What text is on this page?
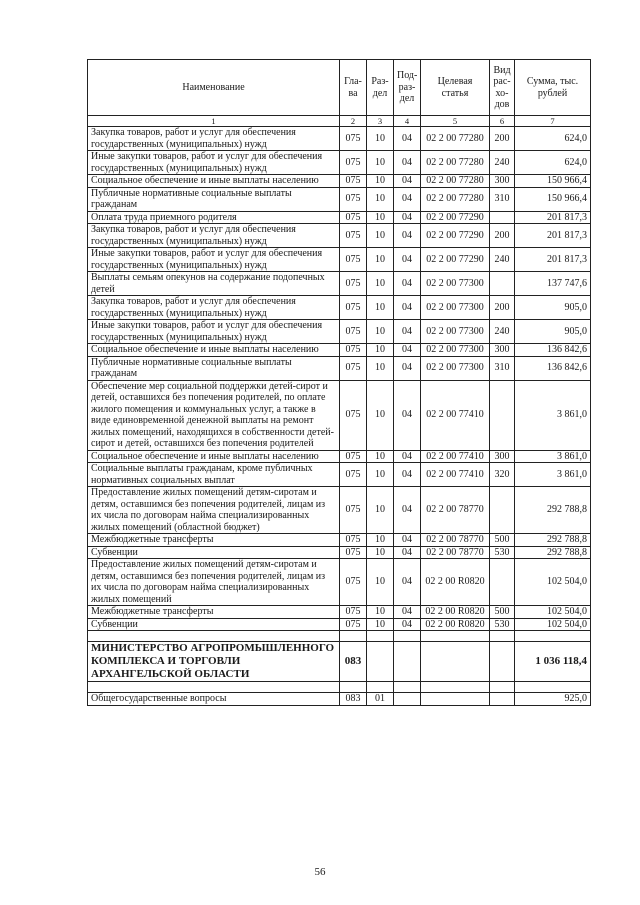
Наименование	Гла-ва	Раз-дел	Под-раз-дел	Целевая статья	Вид рас-хо-дов	Сумма, тыс. рублей
1	2	3	4	5	6	7
Закупка товаров, работ и услуг для обеспечения государственных (муниципальных) нужд	075	10	04	02 2 00 77280	200	624,0
Иные закупки товаров, работ и услуг для обеспечения государственных (муниципальных) нужд	075	10	04	02 2 00 77280	240	624,0
Социальное обеспечение и иные выплаты населению	075	10	04	02 2 00 77280	300	150 966,4
Публичные нормативные социальные выплаты гражданам	075	10	04	02 2 00 77280	310	150 966,4
Оплата труда приемного родителя	075	10	04	02 2 00 77290		201 817,3
Закупка товаров, работ и услуг для обеспечения государственных (муниципальных) нужд	075	10	04	02 2 00 77290	200	201 817,3
Иные закупки товаров, работ и услуг для обеспечения государственных (муниципальных) нужд	075	10	04	02 2 00 77290	240	201 817,3
Выплаты семьям опекунов на содержание подопечных детей	075	10	04	02 2 00 77300		137 747,6
Закупка товаров, работ и услуг для обеспечения государственных (муниципальных) нужд	075	10	04	02 2 00 77300	200	905,0
Иные закупки товаров, работ и услуг для обеспечения государственных (муниципальных) нужд	075	10	04	02 2 00 77300	240	905,0
Социальное обеспечение и иные выплаты населению	075	10	04	02 2 00 77300	300	136 842,6
Публичные нормативные социальные выплаты гражданам	075	10	04	02 2 00 77300	310	136 842,6
Обеспечение мер социальной поддержки детей-сирот и детей, оставшихся без попечения родителей, по оплате жилого помещения и коммунальных услуг, а также в виде единовременной денежной выплаты на ремонт жилых помещений, находящихся в собственности детей-сирот и детей, оставшихся без попечения родителей	075	10	04	02 2 00 77410		3 861,0
Социальное обеспечение и иные выплаты населению	075	10	04	02 2 00 77410	300	3 861,0
Социальные выплаты гражданам, кроме публичных нормативных социальных выплат	075	10	04	02 2 00 77410	320	3 861,0
Предоставление жилых помещений детям-сиротам и детям, оставшимся без попечения родителей, лицам из их числа по договорам найма специализированных жилых помещений (областной бюджет)	075	10	04	02 2 00 78770		292 788,8
Межбюджетные трансферты	075	10	04	02 2 00 78770	500	292 788,8
Субвенции	075	10	04	02 2 00 78770	530	292 788,8
Предоставление жилых помещений детям-сиротам и детям, оставшимся без попечения родителей, лицам из их числа по договорам найма специализированных жилых помещений	075	10	04	02 2 00 R0820		102 504,0
Межбюджетные трансферты	075	10	04	02 2 00 R0820	500	102 504,0
Субвенции	075	10	04	02 2 00 R0820	530	102 504,0

МИНИСТЕРСТВО АГРОПРОМЫШЛЕННОГО КОМПЛЕКСА И ТОРГОВЛИ АРХАНГЕЛЬСКОЙ ОБЛАСТИ	083					1 036 118,4

Общегосударственные вопросы	083	01				925,0
56
